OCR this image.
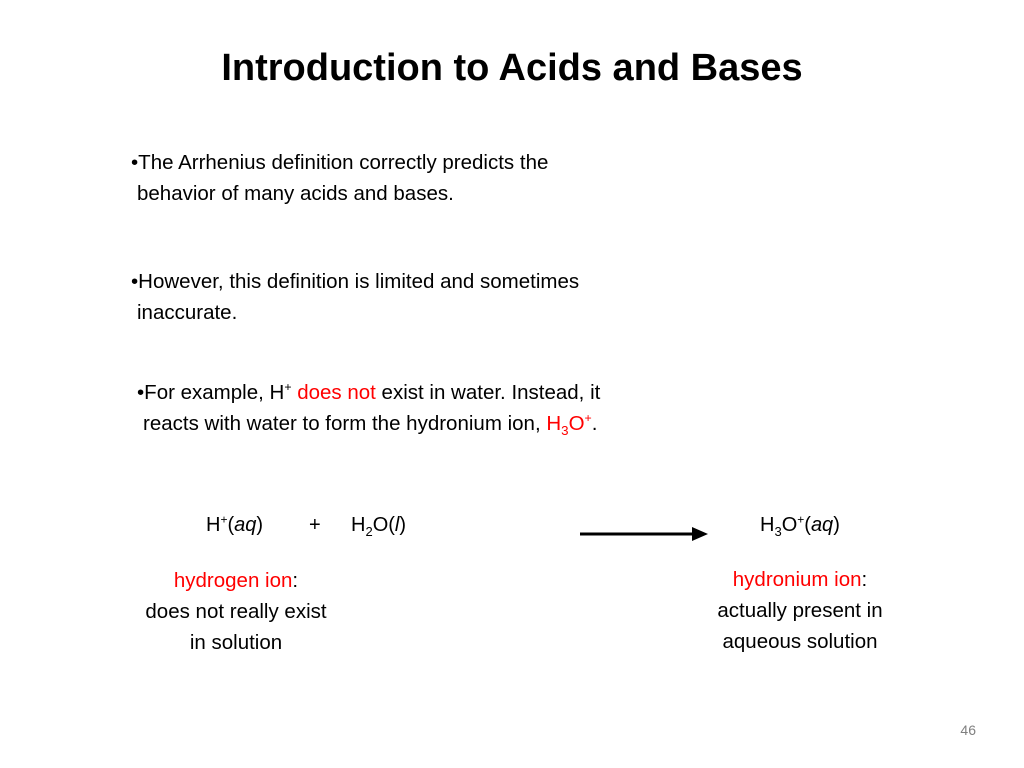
Introduction to Acids and Bases
•The Arrhenius definition correctly predicts the
behavior of many acids and bases.
•However, this definition is limited and sometimes
inaccurate.
•For example, H+ does not exist in water. Instead, it
reacts with water to form the hydronium ion, $H_3O^+$.
$H^+(aq) + H_2O(l)$	$H_3O^+(aq)$
hydrogen ion:
does not really exist
in solution
hydronium ion:
actually present in
aqueous solution
46
